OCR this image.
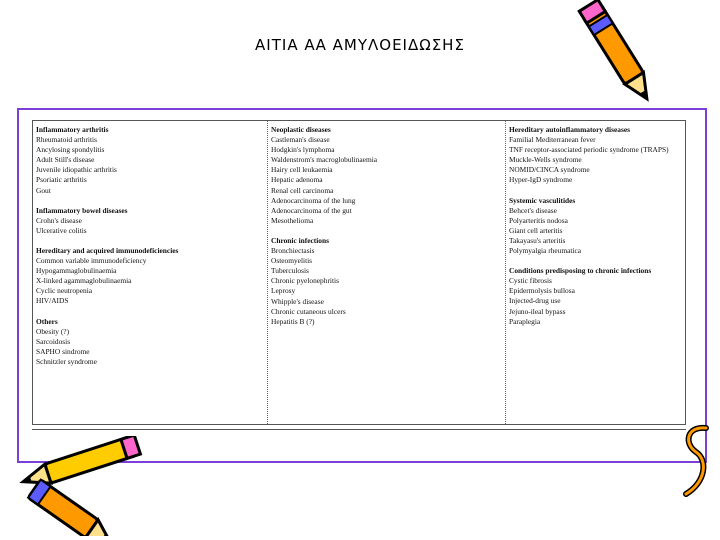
ΑΙΤΙΑ ΑΑ ΑΜΥΛΟΕΙΔΩΣΗΣ
Inflammatory arthritis
Rheumatoid arthritis
Ancylosing spondylitis
Adult Still's disease
Juvenile idiopathic arthritis
Psoriatic arthritis
Gout
Inflammatory bowel diseases
Crohn's disease
Ulcerative colitis
Hereditary and acquired immunodeficiencies
Common variable immunodeficiency
Hypogammaglobulinaemia
X-linked agammaglobulinaemia
Cyclic neutropenia
HIV/AIDS
Others
Obesity (?)
Sarcoidosis
SAPHO sindrome
Schnitzler syndrome
Neoplastic diseases
Castleman's disease
Hodgkin's lymphoma
Waldenstrom's macroglobulinaemia
Hairy cell leukaemia
Hepatic adenoma
Renal cell carcinoma
Adenocarcinoma of the lung
Adenocarcinoma of the gut
Mesothelioma
Chronic infections
Bronchiectasis
Osteomyelitis
Tuberculosis
Chronic pyelonephritis
Leprosy
Whipple's disease
Chronic cutaneous ulcers
Hepatitis B (?)
Hereditary autoinflammatory diseases
Familial Mediterranean fever
TNF receptor-associated periodic syndrome (TRAPS)
Muckle-Wells syndrome
NOMID/CINCA syndrome
Hyper-IgD syndrome
Systemic vasculitides
Behcet's disease
Polyarteritis nodosa
Giant cell arteritis
Takayasu's arteritis
Polymyalgia rheumatica
Conditions predisposing to chronic infections
Cystic fibrosis
Epidermolysis bullosa
Injected-drug use
Jejuno-ileal bypass
Paraplegia
